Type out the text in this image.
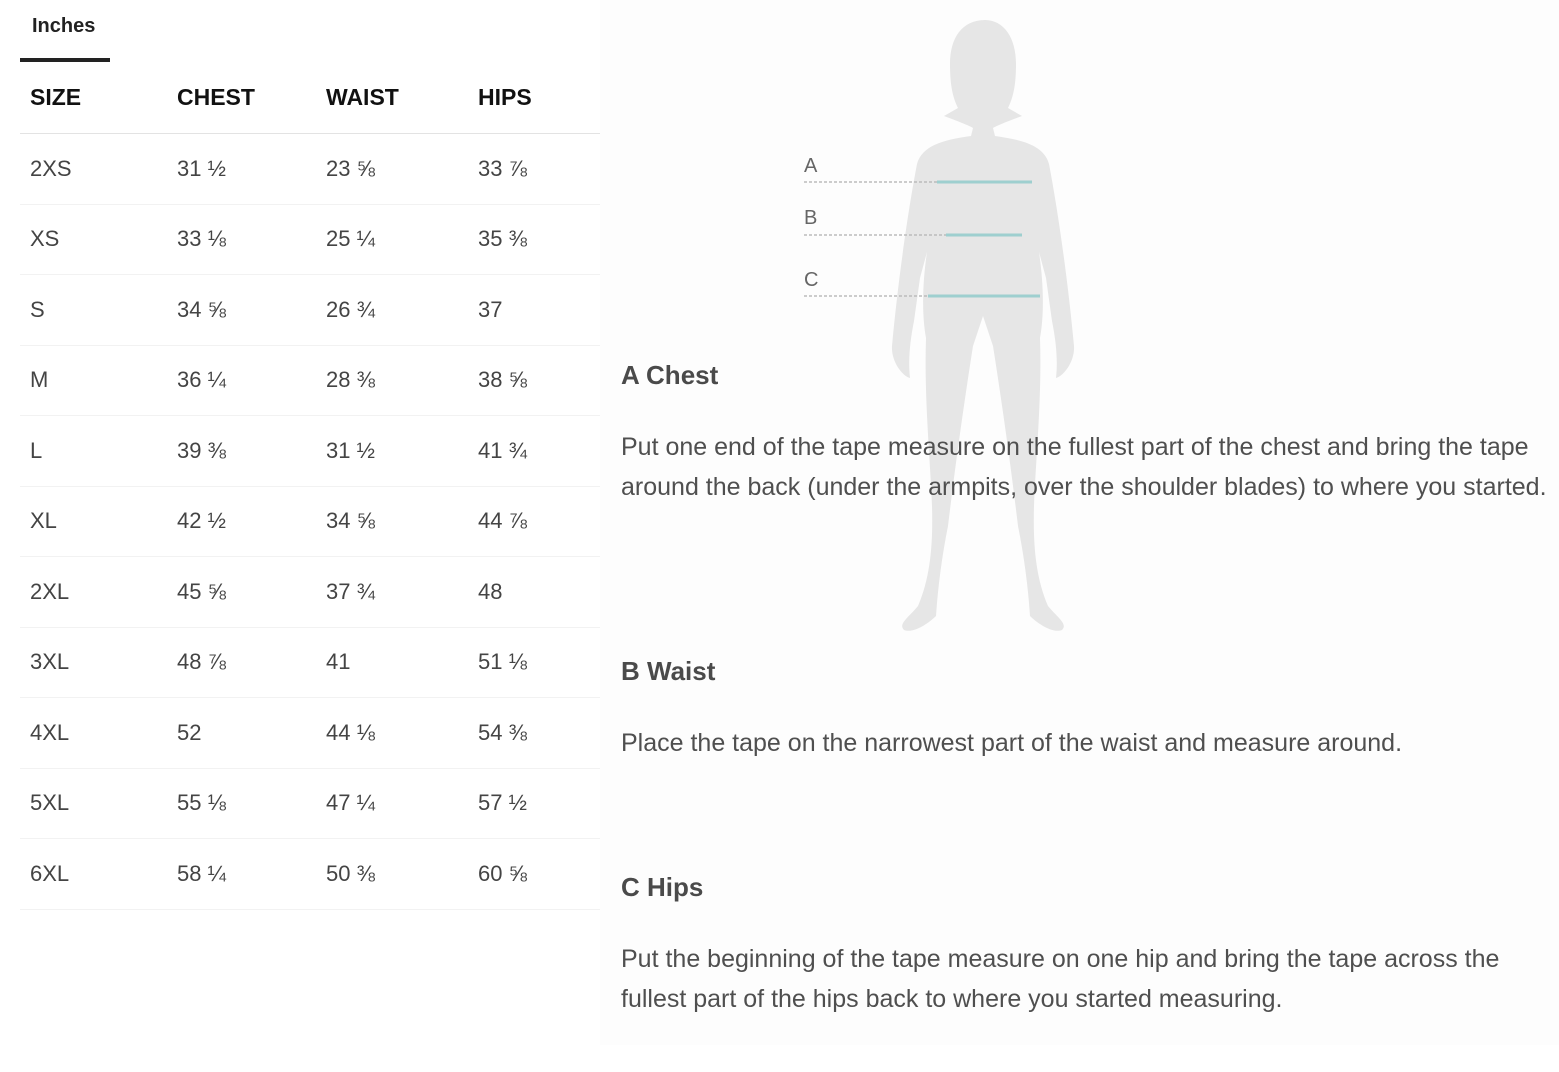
Inches
SIZE	CHEST	WAIST	HIPS
2XS	31 ½	23 ⅝	33 ⅞
XS	33 ⅛	25 ¼	35 ⅜
S	34 ⅝	26 ¾	37
M	36 ¼	28 ⅜	38 ⅝
L	39 ⅜	31 ½	41 ¾
XL	42 ½	34 ⅝	44 ⅞
2XL	45 ⅝	37 ¾	48
3XL	48 ⅞	41	51 ⅛
4XL	52	44 ⅛	54 ⅜
5XL	55 ⅛	47 ¼	57 ½
6XL	58 ¼	50 ⅜	60 ⅝
A
B
C
A Chest
Put one end of the tape measure on the fullest part of the chest and bring the tape around the back (under the armpits, over the shoulder blades) to where you started.
B Waist
Place the tape on the narrowest part of the waist and measure around.
C Hips
Put the beginning of the tape measure on one hip and bring the tape across the fullest part of the hips back to where you started measuring.
